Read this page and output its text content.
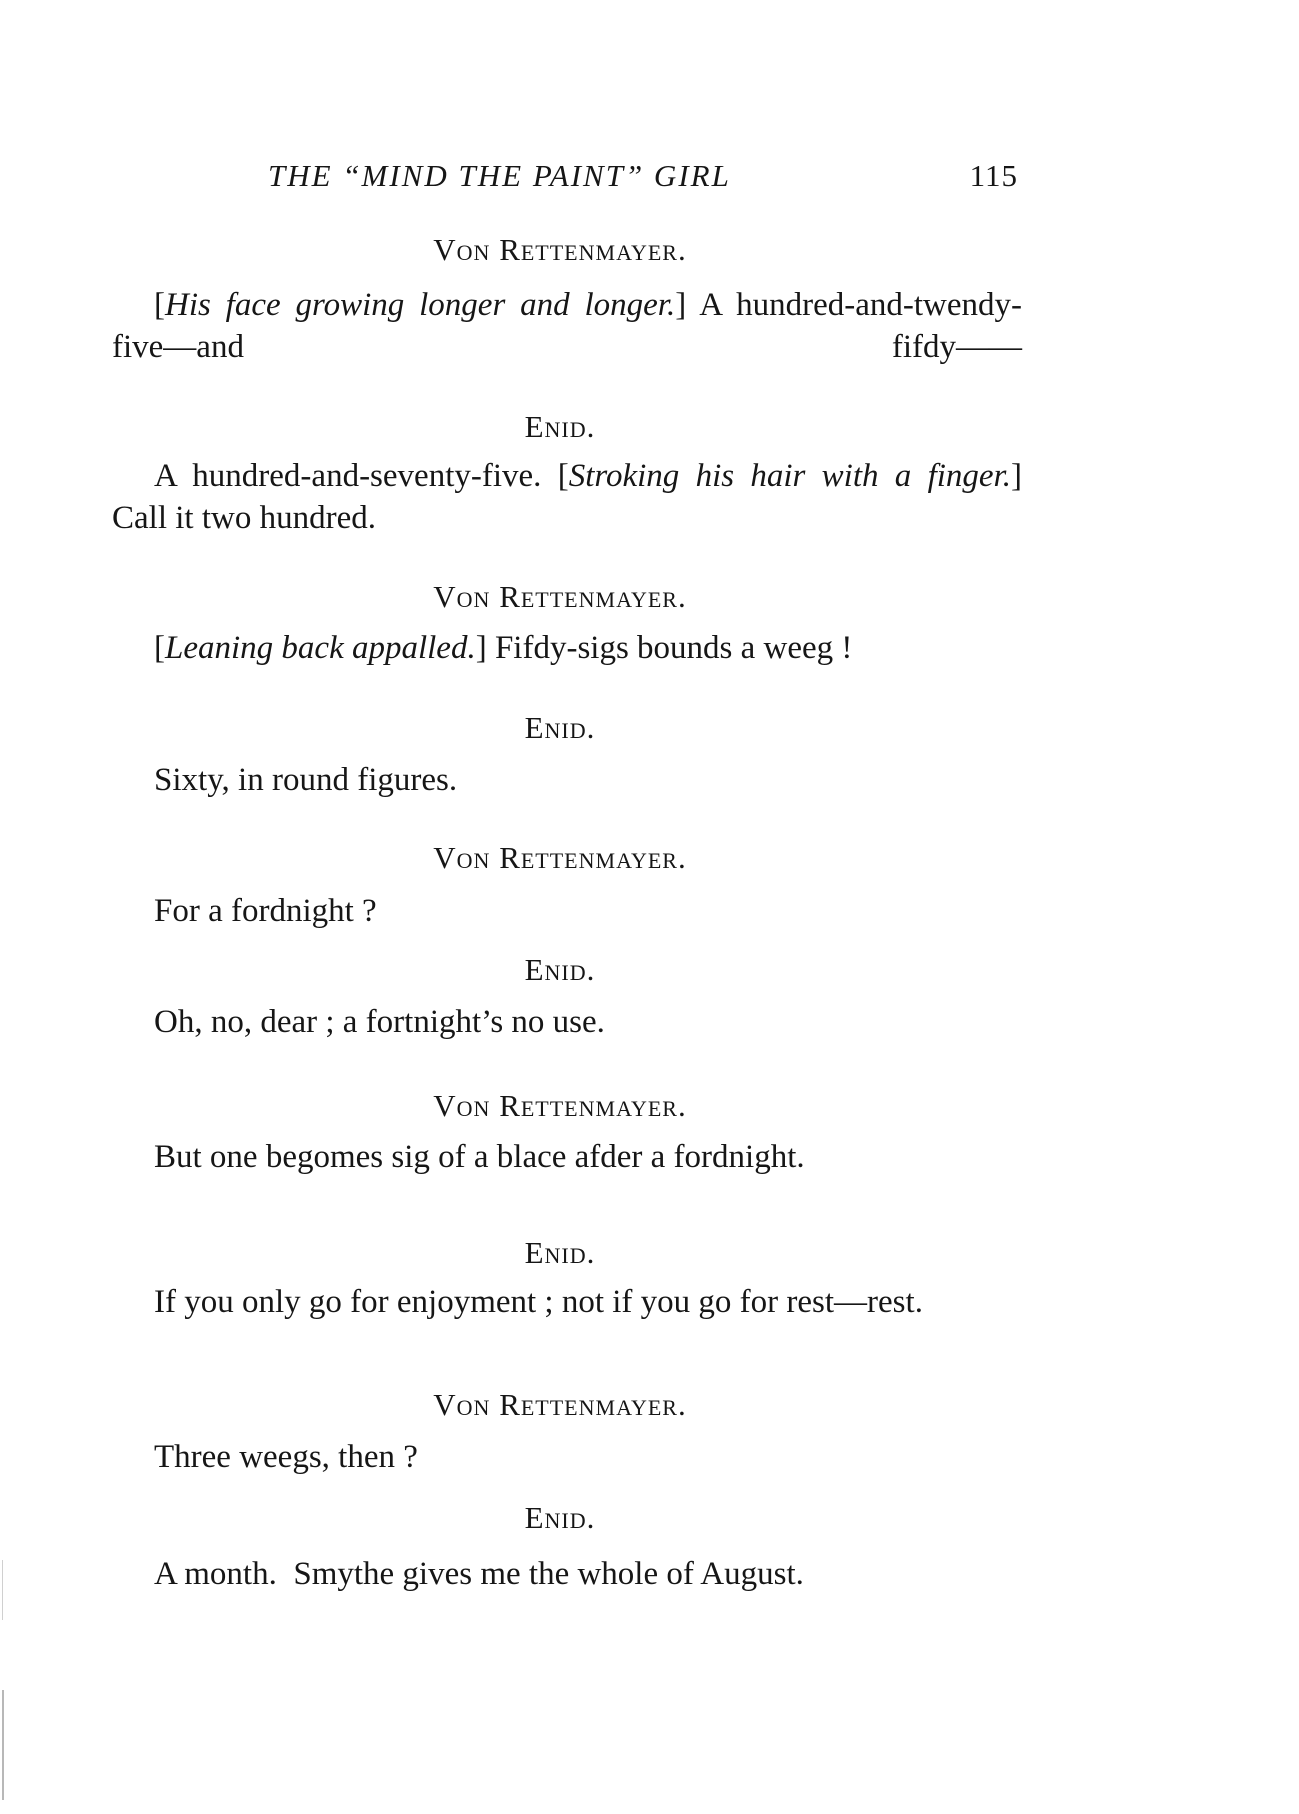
THE “MIND THE PAINT” GIRL	115
Von Rettenmayer.
[His face growing longer and longer.] A hundred-and-twendy-five—and fifdy——
Enid.
A hundred-and-seventy-five. [Stroking his hair with a finger.] Call it two hundred.
Von Rettenmayer.
[Leaning back appalled.] Fifdy-sigs bounds a weeg !
Enid.
Sixty, in round figures.
Von Rettenmayer.
For a fordnight ?
Enid.
Oh, no, dear ; a fortnight’s no use.
Von Rettenmayer.
But one begomes sig of a blace afder a fordnight.
Enid.
If you only go for enjoyment ; not if you go for rest—rest.
Von Rettenmayer.
Three weegs, then ?
Enid.
A month.  Smythe gives me the whole of August.
